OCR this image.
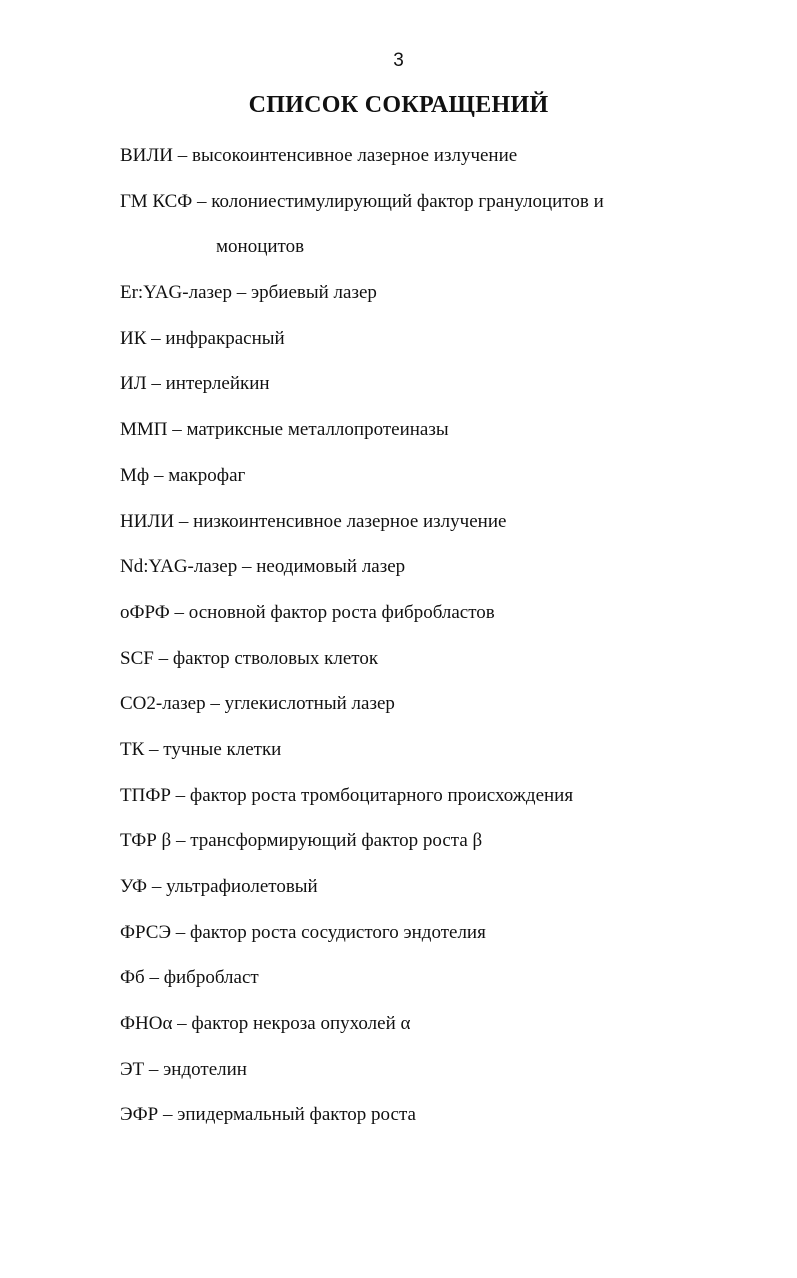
3
СПИСОК СОКРАЩЕНИЙ
ВИЛИ – высокоинтенсивное лазерное излучение
ГМ КСФ – колониестимулирующий фактор гранулоцитов и
моноцитов
Er:YAG-лазер – эрбиевый лазер
ИК – инфракрасный
ИЛ – интерлейкин
ММП – матриксные металлопротеиназы
Мф – макрофаг
НИЛИ – низкоинтенсивное лазерное излучение
Nd:YAG-лазер – неодимовый лазер
оФРФ – основной фактор роста фибробластов
SCF – фактор стволовых клеток
СО2-лазер – углекислотный лазер
ТК – тучные клетки
ТПФР – фактор роста тромбоцитарного происхождения
ТФР β – трансформирующий фактор роста β
УФ – ультрафиолетовый
ФРСЭ – фактор роста сосудистого эндотелия
Фб – фибробласт
ФНОα – фактор некроза опухолей α
ЭТ – эндотелин
ЭФР – эпидермальный фактор роста
